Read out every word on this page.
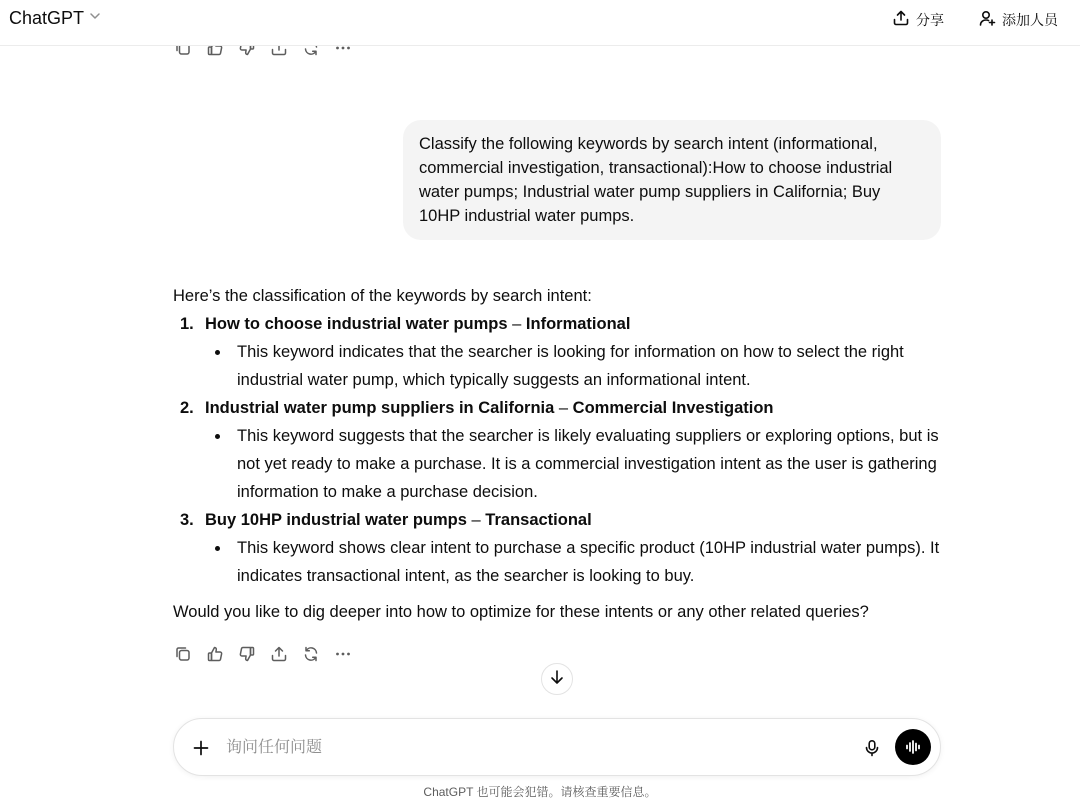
ChatGPT	分享	添加人员
Classify the following keywords by search intent (informational, commercial investigation, transactional):How to choose industrial water pumps; Industrial water pump suppliers in California; Buy 10HP industrial water pumps.

Here’s the classification of the keywords by search intent:

1. How to choose industrial water pumps – Informational
This keyword indicates that the searcher is looking for information on how to select the right industrial water pump, which typically suggests an informational intent.
2. Industrial water pump suppliers in California – Commercial Investigation
This keyword suggests that the searcher is likely evaluating suppliers or exploring options, but is not yet ready to make a purchase. It is a commercial investigation intent as the user is gathering information to make a purchase decision.
3. Buy 10HP industrial water pumps – Transactional
This keyword shows clear intent to purchase a specific product (10HP industrial water pumps). It indicates transactional intent, as the searcher is looking to buy.

Would you like to dig deeper into how to optimize for these intents or any other related queries?

询问任何问题
ChatGPT 也可能会犯错。请核查重要信息。
